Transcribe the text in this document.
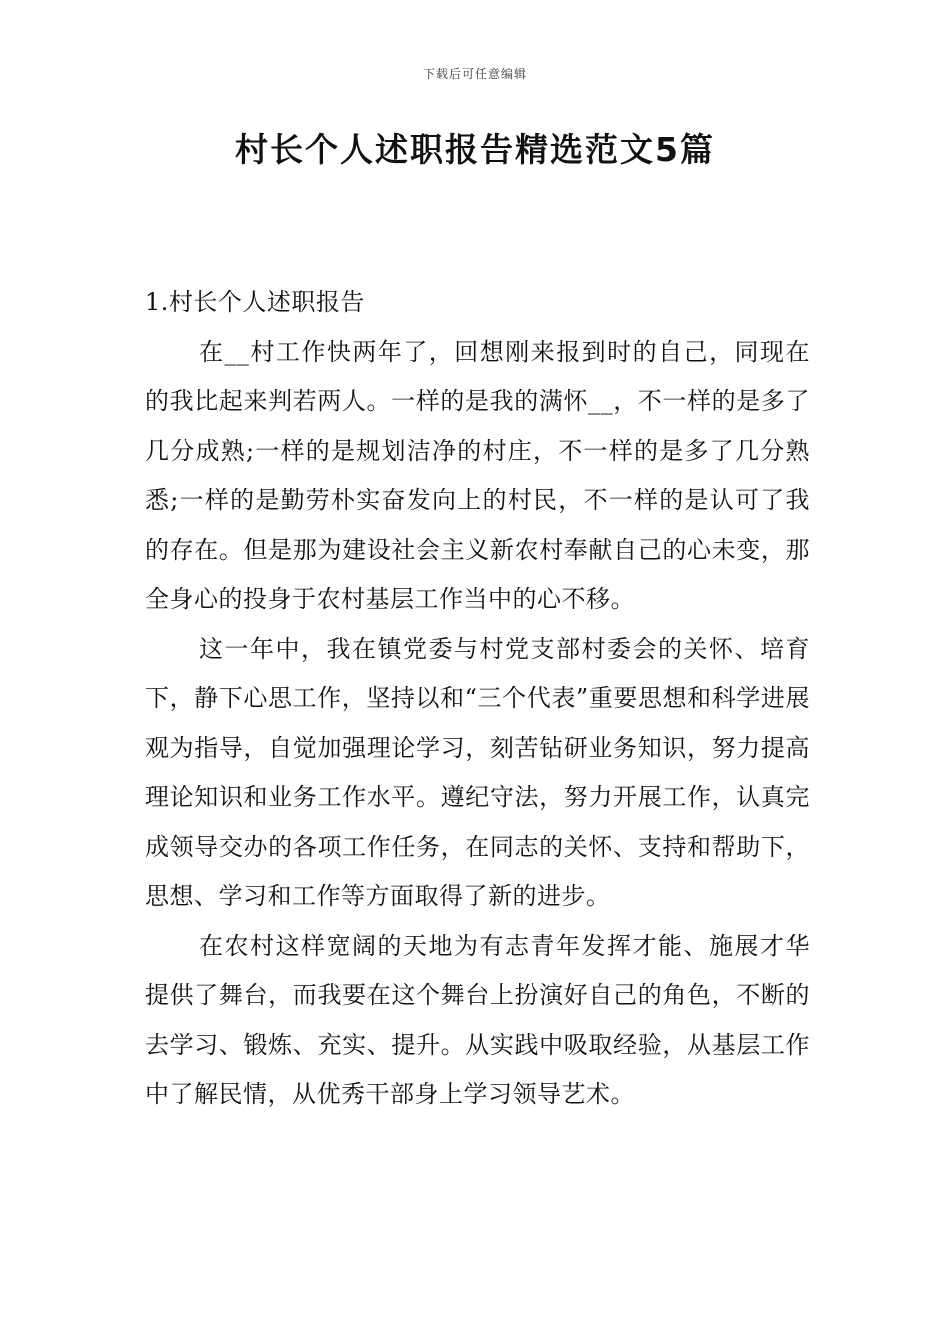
下载后可任意编辑
村长个人述职报告精选范文5篇
1.村长个人述职报告

在__村工作快两年了，回想刚来报到时的自己，同现在的我比起来判若两人。一样的是我的满怀__，不一样的是多了几分成熟;一样的是规划洁净的村庄，不一样的是多了几分熟悉;一样的是勤劳朴实奋发向上的村民，不一样的是认可了我的存在。但是那为建设社会主义新农村奉献自己的心未变，那全身心的投身于农村基层工作当中的心不移。

这一年中，我在镇党委与村党支部村委会的关怀、培育下，静下心思工作，坚持以和“三个代表”重要思想和科学进展观为指导，自觉加强理论学习，刻苦钻研业务知识，努力提高理论知识和业务工作水平。遵纪守法，努力开展工作，认真完成领导交办的各项工作任务，在同志的关怀、支持和帮助下，思想、学习和工作等方面取得了新的进步。

在农村这样宽阔的天地为有志青年发挥才能、施展才华提供了舞台，而我要在这个舞台上扮演好自己的角色，不断的去学习、锻炼、充实、提升。从实践中吸取经验，从基层工作中了解民情，从优秀干部身上学习领导艺术。
